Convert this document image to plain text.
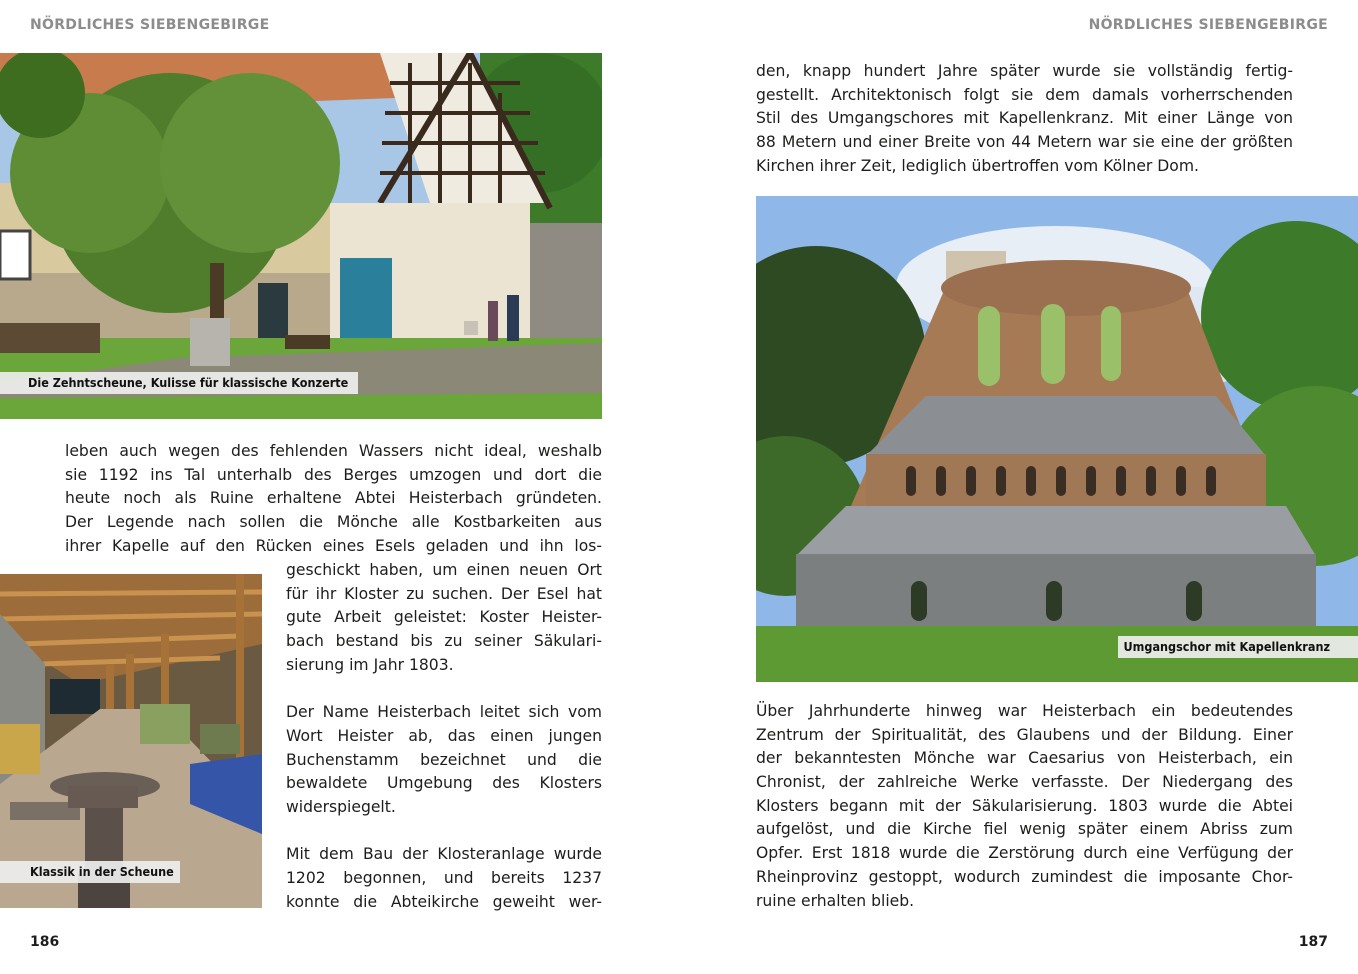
NÖRDLICHES SIEBENGEBIRGE
Die Zehntscheune, Kulisse für klassische Konzerte
leben auch wegen des fehlenden Wassers nicht ideal, weshalb
sie 1192 ins Tal unterhalb des Berges umzogen und dort die
heute noch als Ruine erhaltene Abtei Heisterbach gründeten.
Der Legende nach sollen die Mönche alle Kostbarkeiten aus
ihrer Kapelle auf den Rücken eines Esels geladen und ihn los-
Klassik in der Scheune
geschickt haben, um einen neuen Ort
für ihr Kloster zu suchen. Der Esel hat
gute Arbeit geleistet: Koster Heister-
bach bestand bis zu seiner Säkulari-
sierung im Jahr 1803.
Der Name Heisterbach leitet sich vom
Wort Heister ab, das einen jungen
Buchenstamm bezeichnet und die
bewaldete Umgebung des Klosters
widerspiegelt.
Mit dem Bau der Klosteranlage wurde
1202 begonnen, und bereits 1237
konnte die Abteikirche geweiht wer-
186
NÖRDLICHES SIEBENGEBIRGE
den, knapp hundert Jahre später wurde sie vollständig fertig-
gestellt. Architektonisch folgt sie dem damals vorherrschenden
Stil des Umgangschores mit Kapellenkranz. Mit einer Länge von
88 Metern und einer Breite von 44 Metern war sie eine der größten
Kirchen ihrer Zeit, lediglich übertroffen vom Kölner Dom.
Umgangschor mit Kapellenkranz
Über Jahrhunderte hinweg war Heisterbach ein bedeutendes
Zentrum der Spiritualität, des Glaubens und der Bildung. Einer
der bekanntesten Mönche war Caesarius von Heisterbach, ein
Chronist, der zahlreiche Werke verfasste. Der Niedergang des
Klosters begann mit der Säkularisierung. 1803 wurde die Abtei
aufgelöst, und die Kirche fiel wenig später einem Abriss zum
Opfer. Erst 1818 wurde die Zerstörung durch eine Verfügung der
Rheinprovinz gestoppt, wodurch zumindest die imposante Chor-
ruine erhalten blieb.
187
